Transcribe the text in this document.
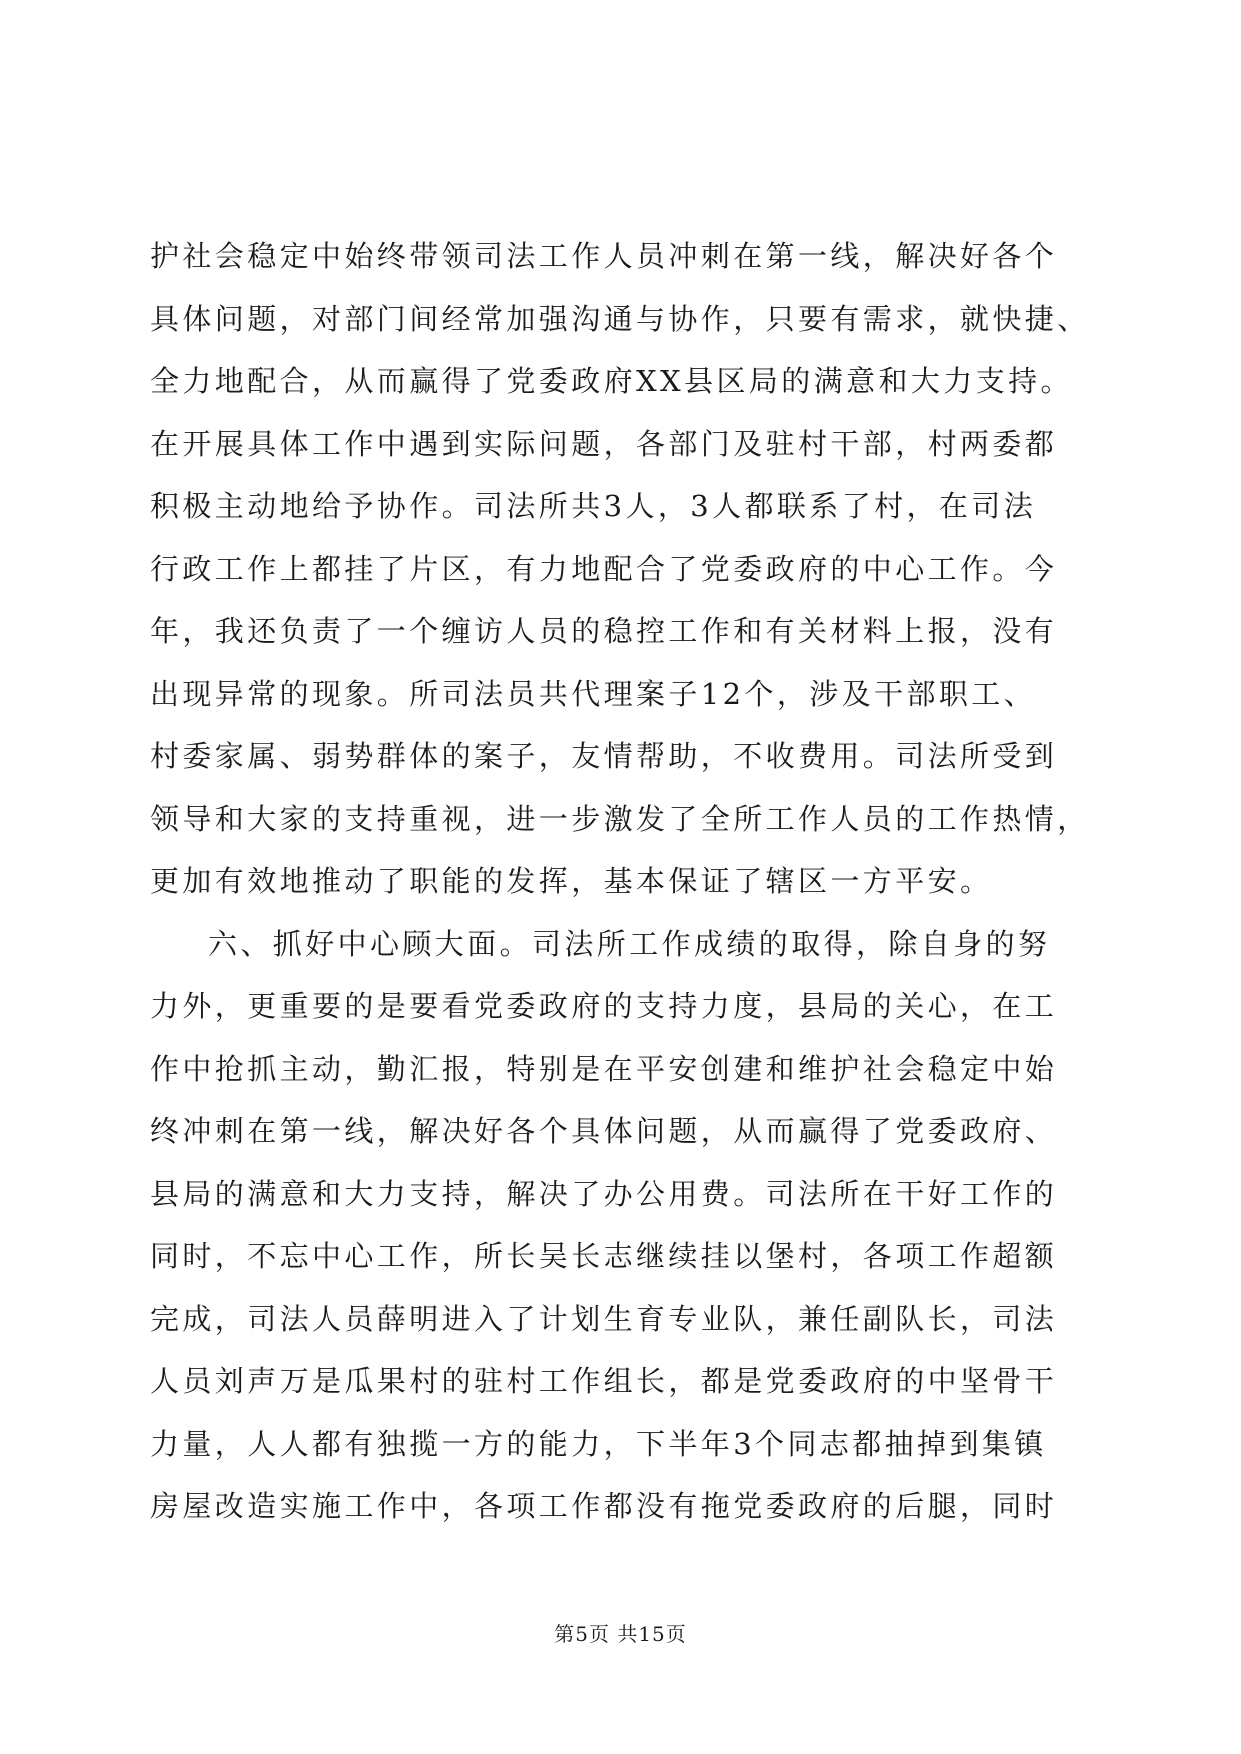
护社会稳定中始终带领司法工作人员冲刺在第一线，解决好各个
具体问题，对部门间经常加强沟通与协作，只要有需求，就快捷、
全力地配合，从而赢得了党委政府XX县区局的满意和大力支持。
在开展具体工作中遇到实际问题，各部门及驻村干部，村两委都
积极主动地给予协作。司法所共3人，3人都联系了村，在司法
行政工作上都挂了片区，有力地配合了党委政府的中心工作。今
年，我还负责了一个缠访人员的稳控工作和有关材料上报，没有
出现异常的现象。所司法员共代理案子12个，涉及干部职工、
村委家属、弱势群体的案子，友情帮助，不收费用。司法所受到
领导和大家的支持重视，进一步激发了全所工作人员的工作热情，
更加有效地推动了职能的发挥，基本保证了辖区一方平安。
六、抓好中心顾大面。司法所工作成绩的取得，除自身的努
力外，更重要的是要看党委政府的支持力度，县局的关心，在工
作中抢抓主动，勤汇报，特别是在平安创建和维护社会稳定中始
终冲刺在第一线，解决好各个具体问题，从而赢得了党委政府、
县局的满意和大力支持，解决了办公用费。司法所在干好工作的
同时，不忘中心工作，所长吴长志继续挂以堡村，各项工作超额
完成，司法人员薛明进入了计划生育专业队，兼任副队长，司法
人员刘声万是瓜果村的驻村工作组长，都是党委政府的中坚骨干
力量，人人都有独揽一方的能力，下半年3个同志都抽掉到集镇
房屋改造实施工作中，各项工作都没有拖党委政府的后腿，同时
第5页 共15页
